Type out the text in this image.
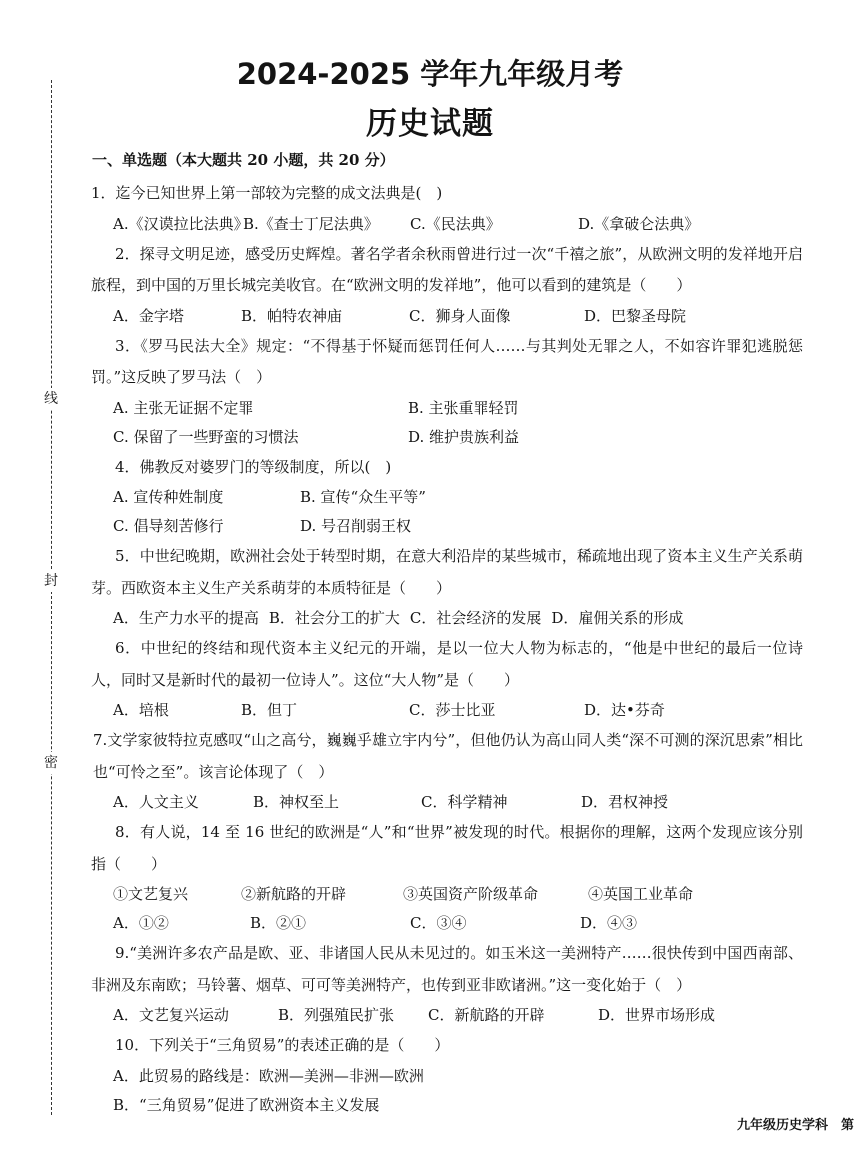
线
封
密
2024-2025 学年九年级月考
历史试题
一、单选题（本大题共 20 小题，共 20 分）

1．迄今已知世界上第一部较为完整的成文法典是(　)

A.《汉谟拉比法典》
B.《查士丁尼法典》	C.《民法典》	D.《拿破仑法典》

2．探寻文明足迹，感受历史辉煌。著名学者余秋雨曾进行过一次“千禧之旅”，从欧洲文明的发祥地开启旅程，到中国的万里长城完美收官。在“欧洲文明的发祥地”，他可以看到的建筑是（　　）

A．金字塔	B．帕特农神庙	C．狮身人面像	D．巴黎圣母院

3．《罗马民法大全》规定：“不得基于怀疑而惩罚任何人……与其判处无罪之人，不如容许罪犯逃脱惩罚。”这反映了罗马法（　）

A. 主张无证据不定罪	B. 主张重罪轻罚
C. 保留了一些野蛮的习惯法	D. 维护贵族利益

4．佛教反对婆罗门的等级制度，所以(　)

A. 宣传种姓制度	B. 宣传“众生平等”
C. 倡导刻苦修行	D. 号召削弱王权

5．中世纪晚期，欧洲社会处于转型时期，在意大利沿岸的某些城市，稀疏地出现了资本主义生产关系萌芽。西欧资本主义生产关系萌芽的本质特征是（　　）

A．生产力水平的提高 B．社会分工的扩大 C．社会经济的发展 D．雇佣关系的形成

6．中世纪的终结和现代资本主义纪元的开端，是以一位大人物为标志的，“他是中世纪的最后一位诗人，同时又是新时代的最初一位诗人”。这位“大人物”是（　　）

A．培根	B．但丁	C．莎士比亚	D．达•芬奇

7.文学家彼特拉克感叹“山之高兮，巍巍乎雄立宇内兮”，但他仍认为高山同人类“深不可测的深沉思索”相比也“可怜之至”。该言论体现了（　）

A．人文主义	B．神权至上	C．科学精神	D．君权神授

8．有人说，14 至 16 世纪的欧洲是“人”和“世界”被发现的时代。根据你的理解，这两个发现应该分别指（　　）

①文艺复兴	②新航路的开辟	③英国资产阶级革命	④英国工业革命
A．①②	B．②①	C．③④	D．④③

9.“美洲许多农产品是欧、亚、非诸国人民从未见过的。如玉米这一美洲特产……很快传到中国西南部、非洲及东南欧；马铃薯、烟草、可可等美洲特产，也传到亚非欧诸洲。”这一变化始于（　）

A．文艺复兴运动	B．列强殖民扩张	C．新航路的开辟	D．世界市场形成

10．下列关于“三角贸易”的表述正确的是（　　）

A．此贸易的路线是：欧洲—美洲—非洲—欧洲
B．“三角贸易”促进了欧洲资本主义发展
九年级历史学科　第
